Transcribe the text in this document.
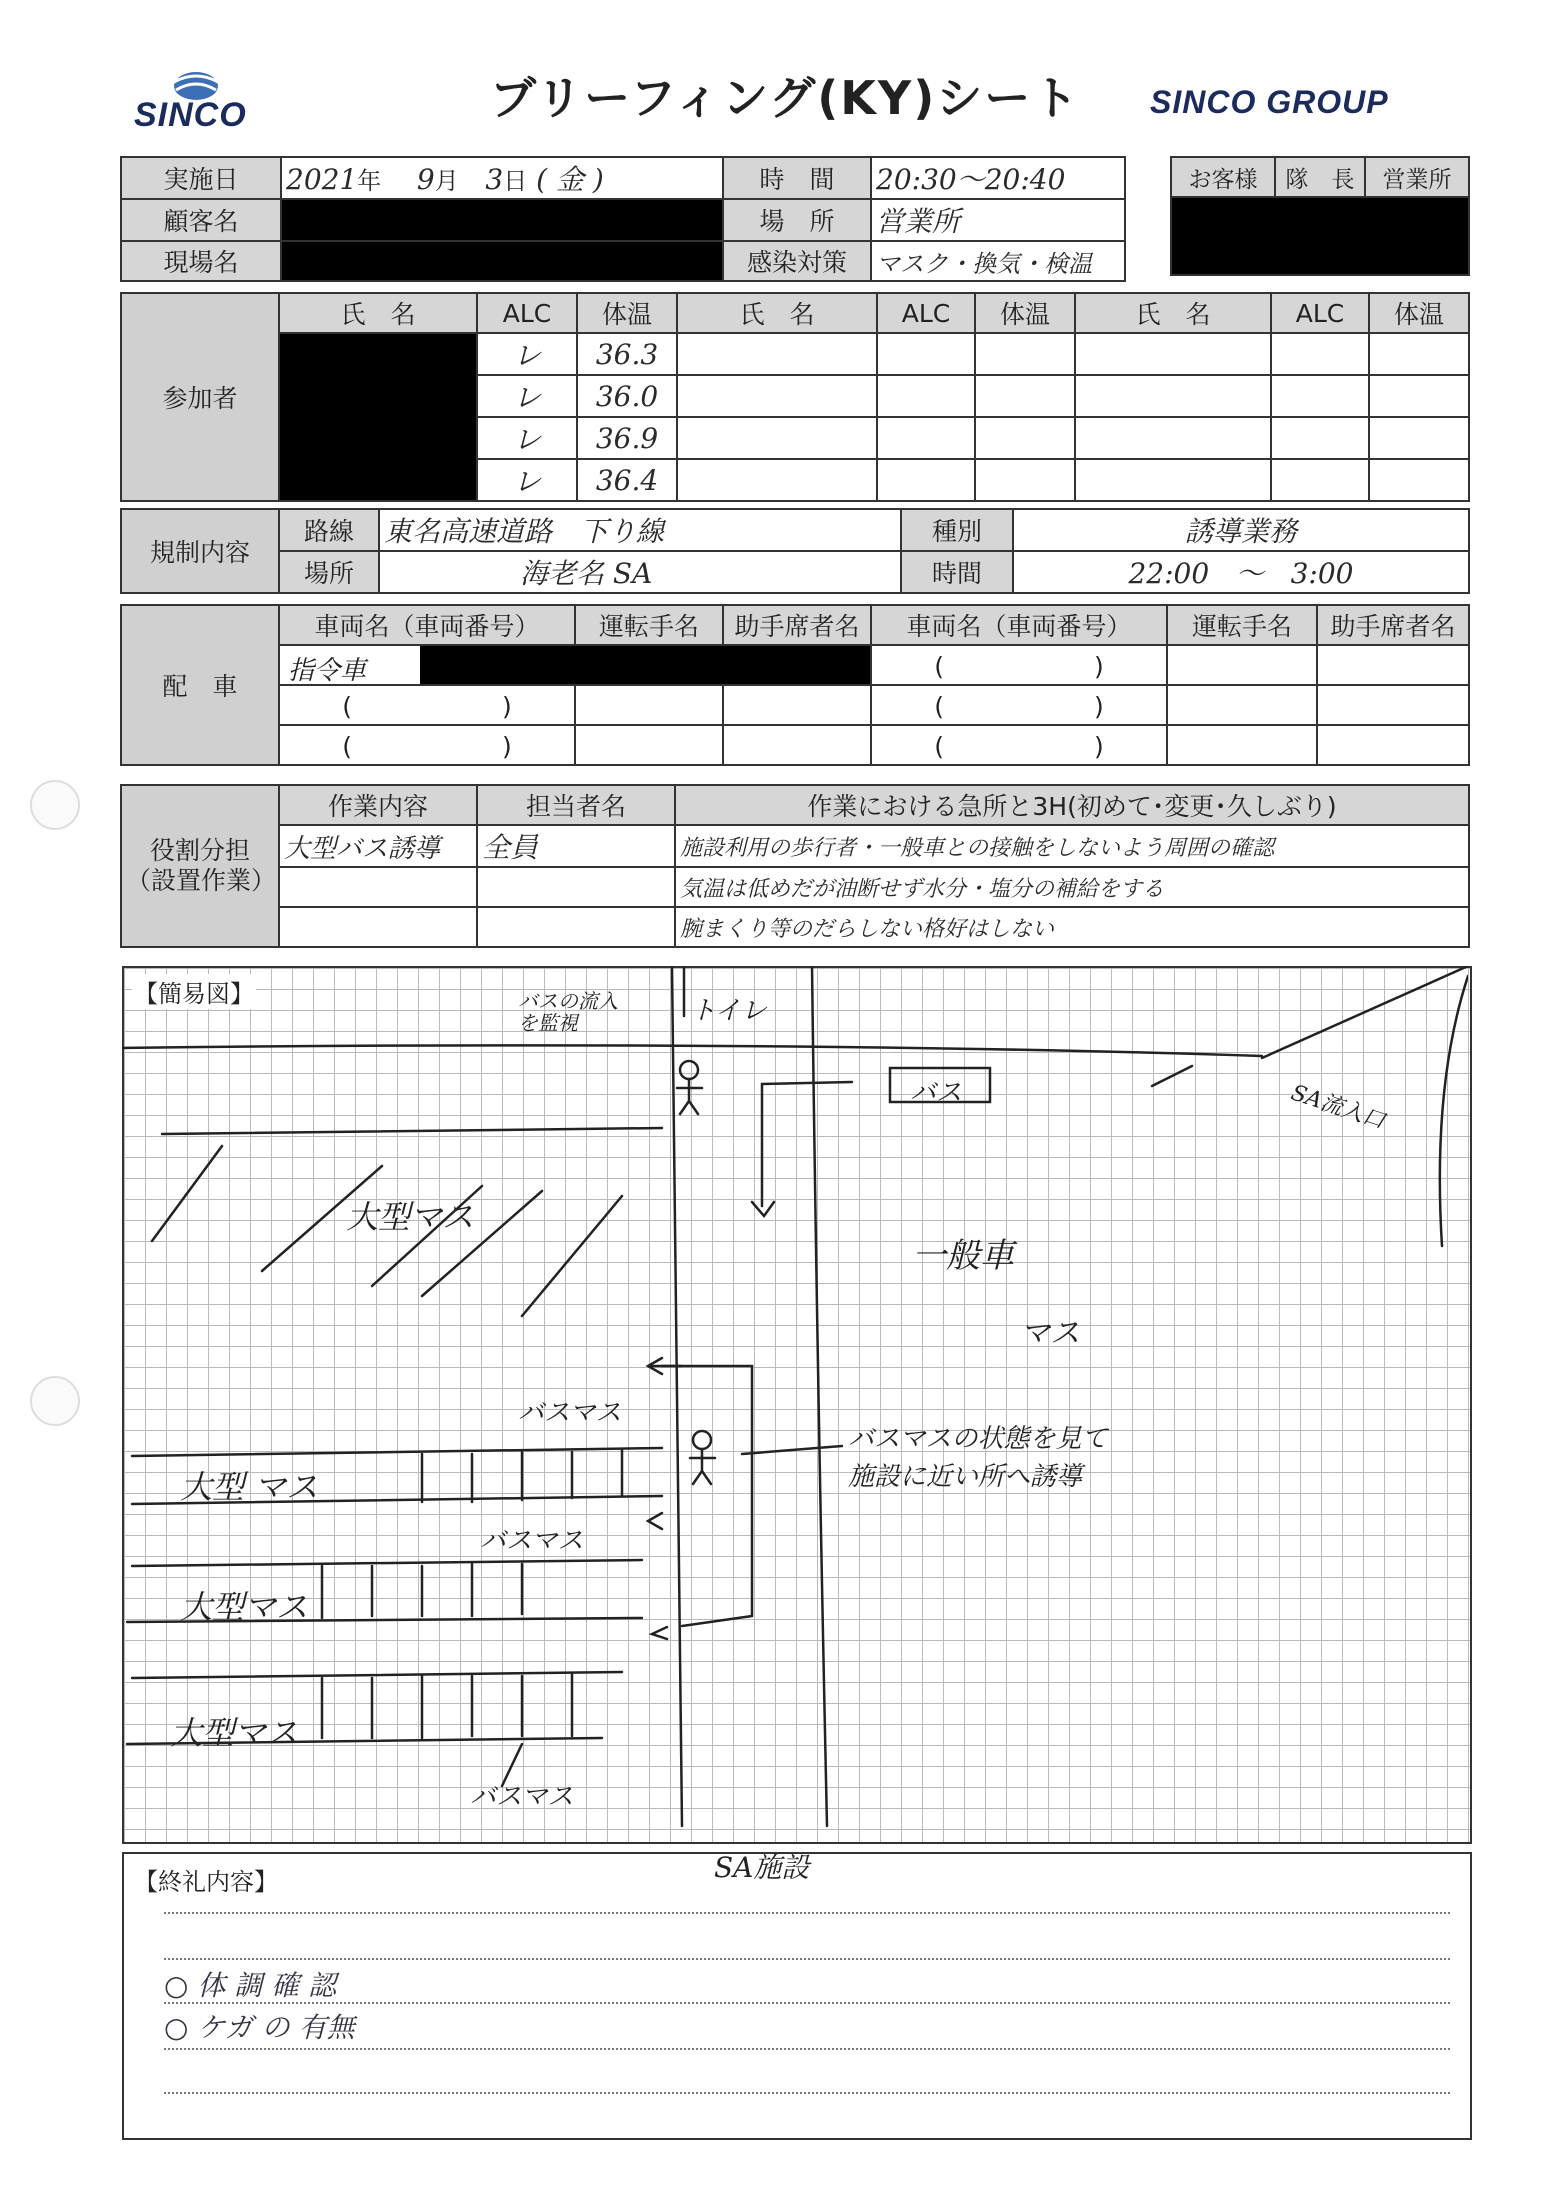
SINCO	ブリーフィング(KY)シート SINCO GROUP
実施日	2021年 9月 3日 ( 金 )	時　間	20:30〜20:40
顧客名		場　所	営業所
現場名		感染対策	マスク・換気・検温
お客様	隊　長	営業所

参加者	氏　名	ALC	体温	氏　名	ALC	体温	氏　名	ALC	体温
		レ	36.3						
		レ	36.0						
		レ	36.9						
		レ	36.4						
規制内容	路線	東名高速道路　下り線	種別	誘導業務
	場所	海老名 SA	時間	22:00 〜 3:00
配　車	車両名（車両番号）	運転手名	助手席者名	車両名（車両番号）	運転手名	助手席者名

	指令車			(　　　　　　)		
	(　　　　　　)			(　　　　　　)		
	(　　　　　　)			(　　　　　　)		
役割分担
（設置作業）	作業内容	担当者名	作業における急所と3H(初めて･変更･久しぶり)
	大型バス誘導	全員	施設利用の歩行者・一般車との接触をしないよう周囲の確認
			気温は低めだが油断せず水分・塩分の補給をする
			腕まくり等のだらしない格好はしない
【簡易図】	バスの流入
を監視	トイレ
バス	SA流入口
大型マス
一般車
マス
バスマス
バスマスの状態を見て
施設に近い所へ誘導
大型 マス
バスマス
大型マス
大型マス
バスマス
【終礼内容】	SA施設
○ 体 調 確 認
○ ケガ の 有無
